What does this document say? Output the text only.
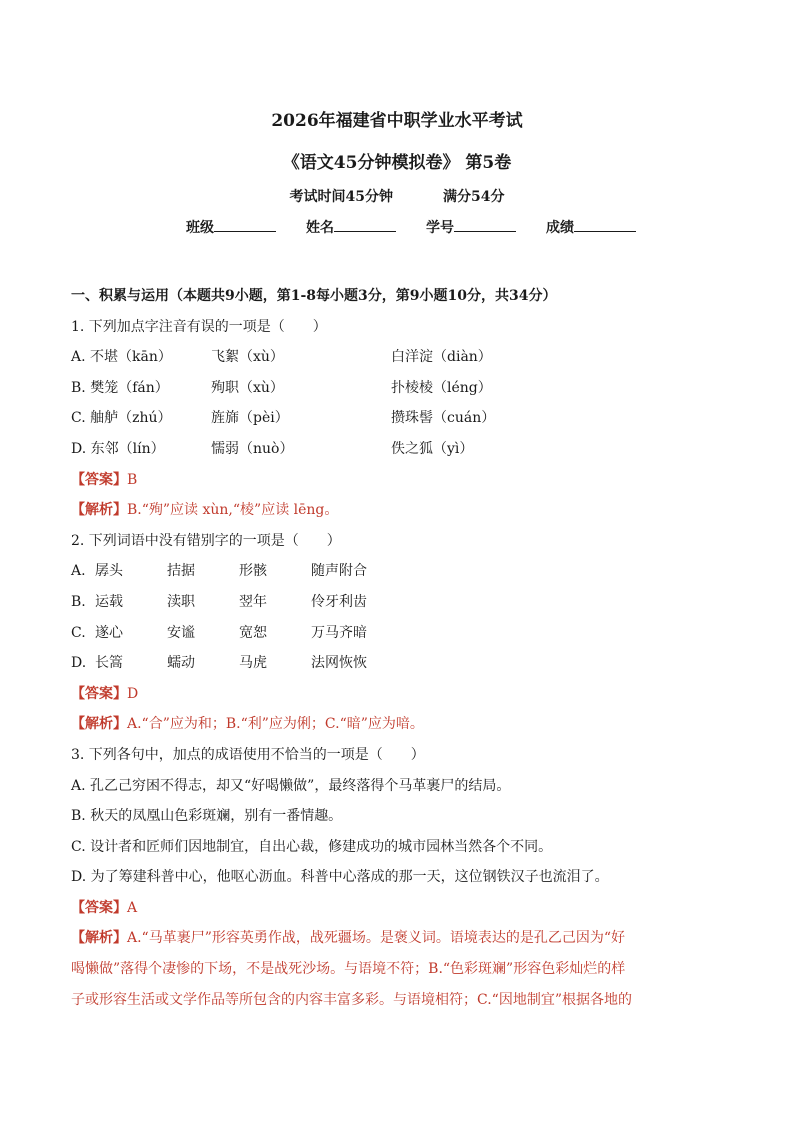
2026年福建省中职学业水平考试
《语文45分钟模拟卷》 第5卷
考试时间45分钟	满分54分
班级	姓名	学号	成绩
一、积累与运用（本题共9小题，第1-8每小题3分，第9小题10分，共34分）
1. 下列加点字注音有误的一项是（　　）
A. 不堪（kān）	飞絮（xù）	白洋淀（diàn）
B. 樊笼（fán）	殉职（xù）	扑棱棱（léng）
C. 舳舻（zhú）	旌旆（pèi）	攒珠髻（cuán）
D. 东邻（lín）	懦弱（nuò）	佚之狐（yì）
【答案】B
【解析】B.“殉”应读 xùn,“棱”应读 lēng。
2. 下列词语中没有错别字的一项是（　　）
A. 孱头	拮据	形骸	随声附合
B. 运载	渎职	翌年	伶牙利齿
C. 遂心	安谧	宽恕	万马齐暗
D. 长篙	蠕动	马虎	法网恢恢
【答案】D
【解析】A.“合”应为和；B.“利”应为俐；C.“暗”应为喑。
3. 下列各句中，加点的成语使用不恰当的一项是（　　）
A. 孔乙己穷困不得志，却又“好喝懒做”，最终落得个马革裹尸的结局。
B. 秋天的凤凰山色彩斑斓，别有一番情趣。
C. 设计者和匠师们因地制宜，自出心裁，修建成功的城市园林当然各个不同。
D. 为了筹建科普中心，他呕心沥血。科普中心落成的那一天，这位钢铁汉子也流泪了。
【答案】A
【解析】A.“马革裹尸”形容英勇作战，战死疆场。是褒义词。语境表达的是孔乙己因为“好
喝懒做”落得个凄惨的下场，不是战死沙场。与语境不符；B.“色彩斑斓”形容色彩灿烂的样
子或形容生活或文学作品等所包含的内容丰富多彩。与语境相符；C.“因地制宜”根据各地的
